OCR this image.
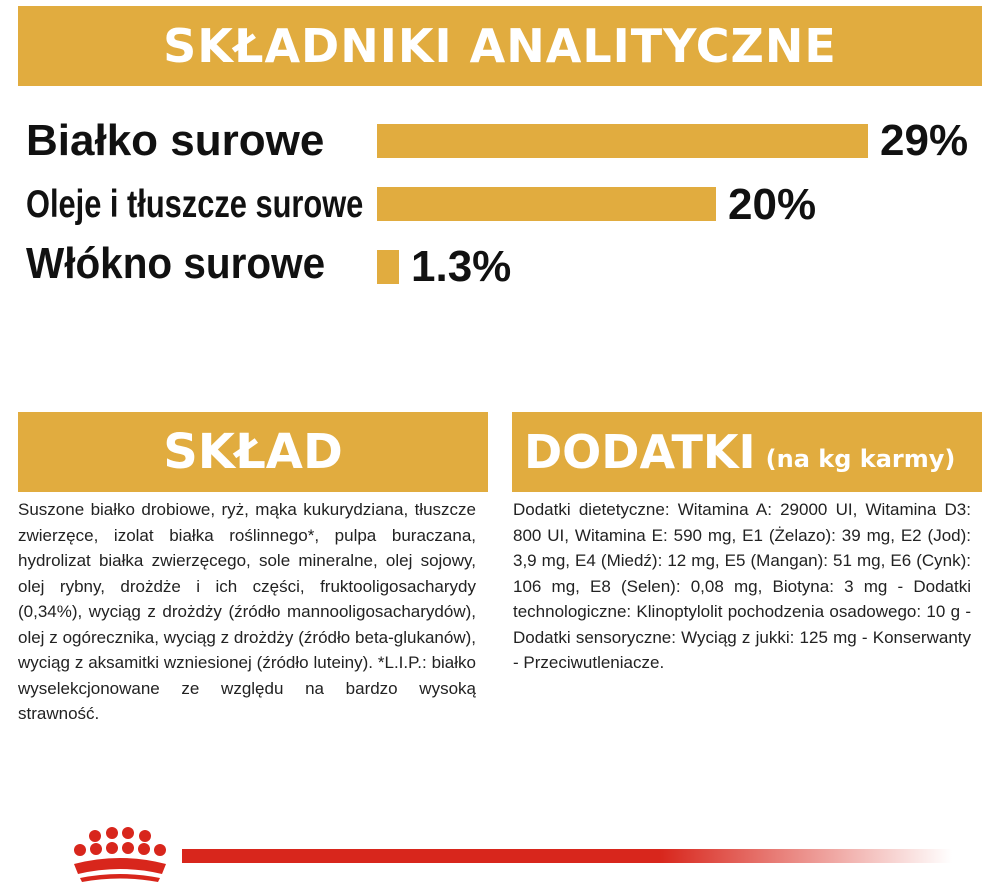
SKŁADNIKI ANALITYCZNE
Białko surowe	29%
Oleje i tłuszcze surowe	20%
Włókno surowe 1.3%
SKŁAD
Suszone białko drobiowe, ryż, mąka kukurydziana, tłuszcze zwierzęce, izolat białka roślinnego*, pulpa buraczana, hydrolizat białka zwierzęcego, sole mineralne, olej sojowy, olej rybny, drożdże i ich części, fruktooligosacharydy (0,34%), wyciąg z drożdży (źródło mannooligosacharydów), olej z ogórecznika, wyciąg z drożdży (źródło beta-glukanów), wyciąg z aksamitki wzniesionej (źródło luteiny). *L.I.P.: białko wyselekcjonowane ze względu na bardzo wysoką strawność.
DODATKI (na kg karmy)
Dodatki dietetyczne: Witamina A: 29000 UI, Witamina D3: 800 UI, Witamina E: 590 mg, E1 (Żelazo): 39 mg, E2 (Jod): 3,9 mg, E4 (Miedź): 12 mg, E5 (Mangan): 51 mg, E6 (Cynk): 106 mg, E8 (Selen): 0,08 mg, Biotyna: 3 mg - Dodatki technologiczne: Klinoptylolit pochodzenia osadowego: 10 g - Dodatki sensoryczne: Wyciąg z jukki: 125 mg - Konserwanty - Przeciwutleniacze.
